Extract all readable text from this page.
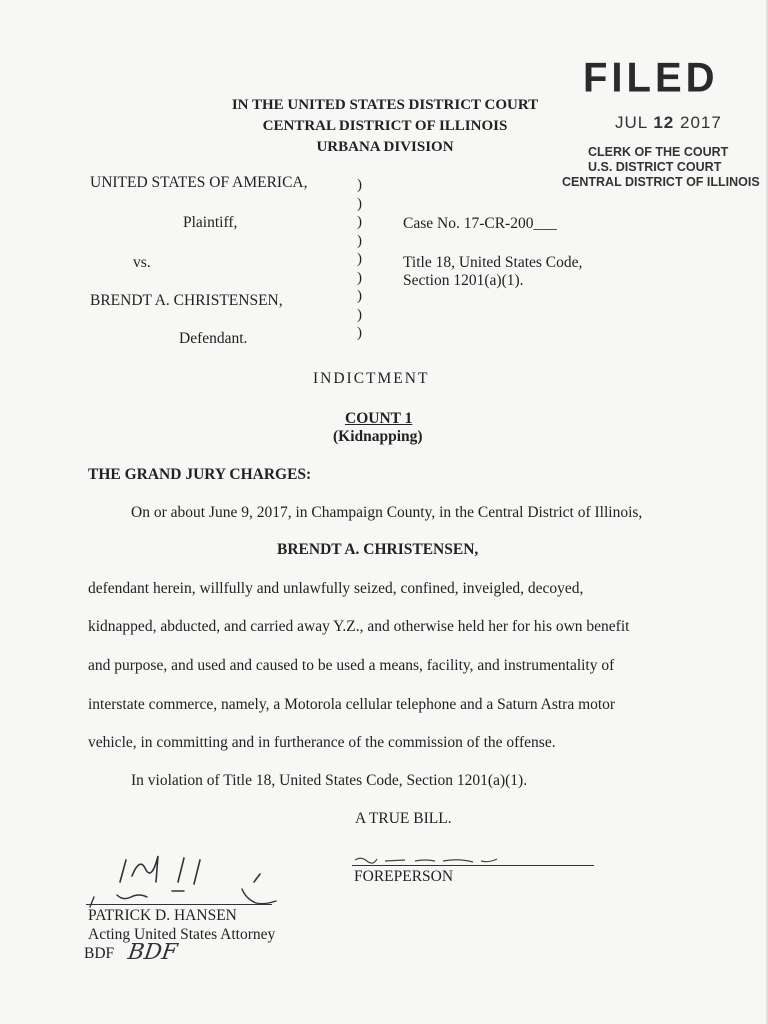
FILED
JUL 12 2017
CLERK OF THE COURT
U.S. DISTRICT COURT
CENTRAL DISTRICT OF ILLINOIS
IN THE UNITED STATES DISTRICT COURT
CENTRAL DISTRICT OF ILLINOIS
URBANA DIVISION
UNITED STATES OF AMERICA,
Plaintiff,
vs.
BRENDT A. CHRISTENSEN,
Defendant.
)
)
)
)
)
)
)
)
)
Case No. 17-CR-200___
Title 18, United States Code,
Section 1201(a)(1).
INDICTMENT
COUNT 1
(Kidnapping)
THE GRAND JURY CHARGES:
On or about June 9, 2017, in Champaign County, in the Central District of Illinois,
BRENDT A. CHRISTENSEN,
defendant herein, willfully and unlawfully seized, confined, inveigled, decoyed,
kidnapped, abducted, and carried away Y.Z., and otherwise held her for his own benefit
and purpose, and used and caused to be used a means, facility, and instrumentality of
interstate commerce, namely, a Motorola cellular telephone and a Saturn Astra motor
vehicle, in committing and in furtherance of the commission of the offense.
In violation of Title 18, United States Code, Section 1201(a)(1).
A TRUE BILL.
FOREPERSON
PATRICK D. HANSEN
Acting United States Attorney
BDF BDF
